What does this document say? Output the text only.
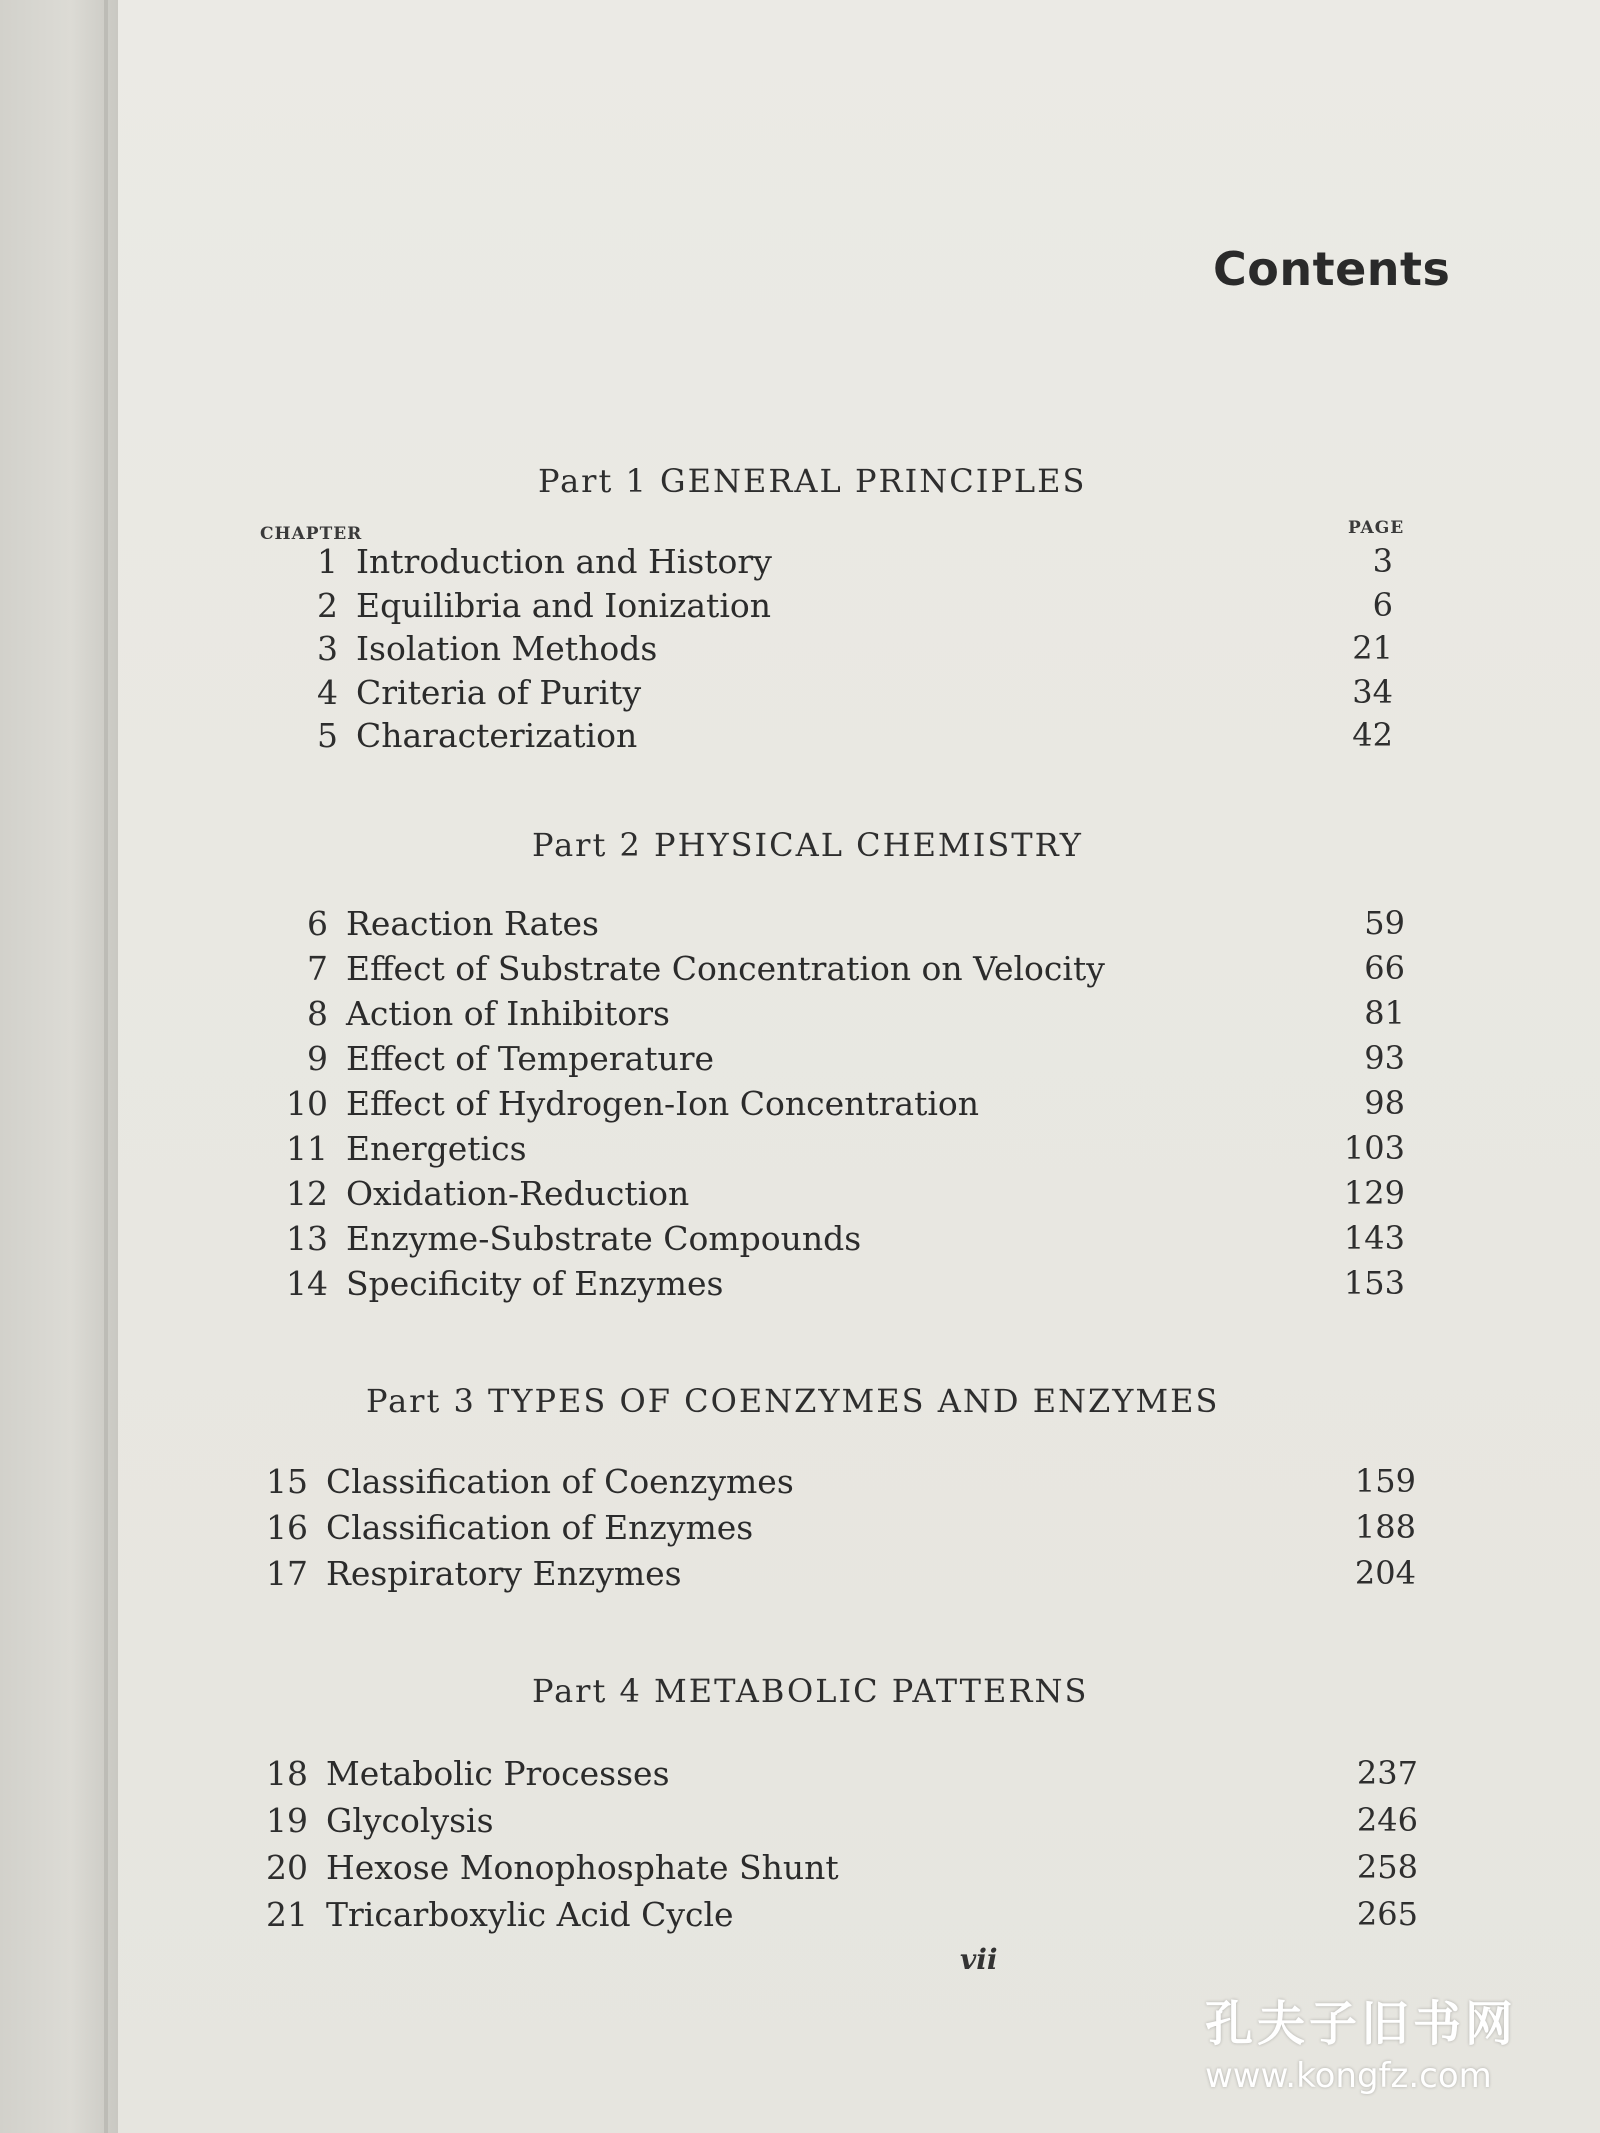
Contents
Part 1 GENERAL PRINCIPLES
CHAPTER	PAGE
1 Introduction and History	3
2 Equilibria and Ionization	6
3 Isolation Methods	21
4 Criteria of Purity	34
5 Characterization	42
Part 2 PHYSICAL CHEMISTRY
6 Reaction Rates	59
7 Effect of Substrate Concentration on Velocity	66
8 Action of Inhibitors	81
9 Effect of Temperature	93
10 Effect of Hydrogen-Ion Concentration	98
11 Energetics	103
12 Oxidation-Reduction	129
13 Enzyme-Substrate Compounds	143
14 Specificity of Enzymes	153
Part 3 TYPES OF COENZYMES AND ENZYMES
15 Classification of Coenzymes	159
16 Classification of Enzymes	188
17 Respiratory Enzymes	204
Part 4 METABOLIC PATTERNS
18 Metabolic Processes	237
19 Glycolysis	246
20 Hexose Monophosphate Shunt	258
21 Tricarboxylic Acid Cycle	265
vii
孔夫子旧书网
www.kongfz.com
